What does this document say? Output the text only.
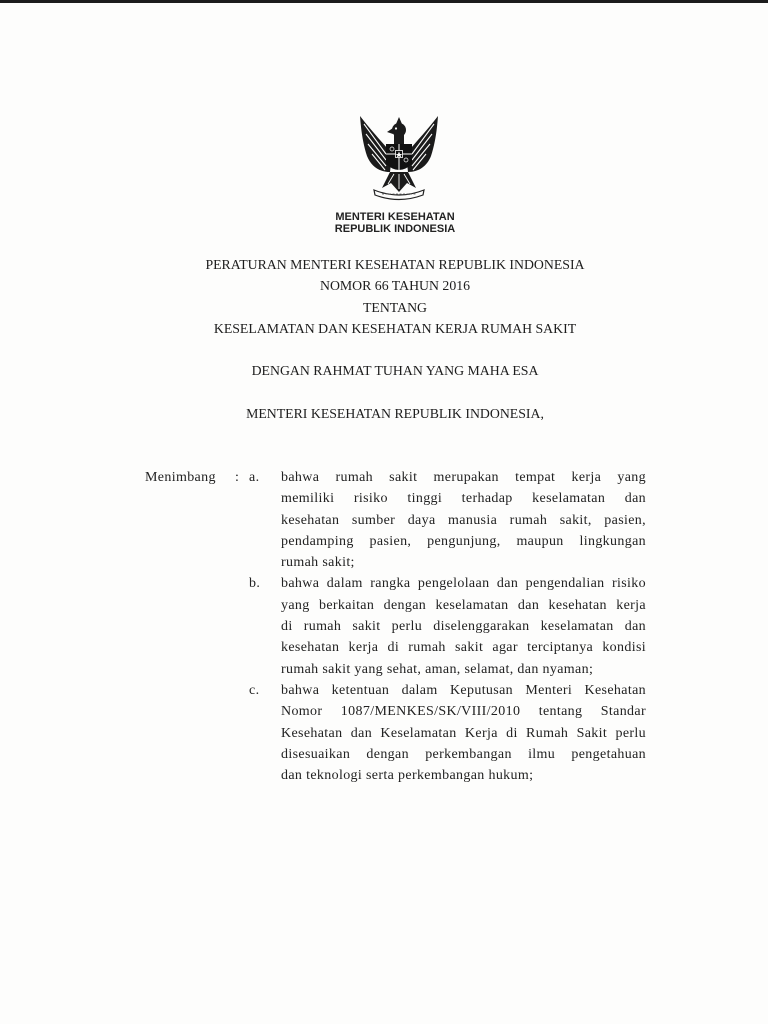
MENTERI KESEHATAN
REPUBLIK INDONESIA
PERATURAN MENTERI KESEHATAN REPUBLIK INDONESIA
NOMOR 66 TAHUN 2016
TENTANG
KESELAMATAN DAN KESEHATAN KERJA RUMAH SAKIT
DENGAN RAHMAT TUHAN YANG MAHA ESA
MENTERI KESEHATAN REPUBLIK INDONESIA,
Menimbang : a.	bahwa rumah sakit merupakan tempat kerja yang
memiliki risiko tinggi terhadap keselamatan dan
kesehatan sumber daya manusia rumah sakit, pasien,
pendamping pasien, pengunjung, maupun lingkungan
rumah sakit;
b.	bahwa dalam rangka pengelolaan dan pengendalian risiko
yang berkaitan dengan keselamatan dan kesehatan kerja
di rumah sakit perlu diselenggarakan keselamatan dan
kesehatan kerja di rumah sakit agar terciptanya kondisi
rumah sakit yang sehat, aman, selamat, dan nyaman;
c.	bahwa ketentuan dalam Keputusan Menteri Kesehatan
Nomor 1087/MENKES/SK/VIII/2010 tentang Standar
Kesehatan dan Keselamatan Kerja di Rumah Sakit perlu
disesuaikan dengan perkembangan ilmu pengetahuan
dan teknologi serta perkembangan hukum;
